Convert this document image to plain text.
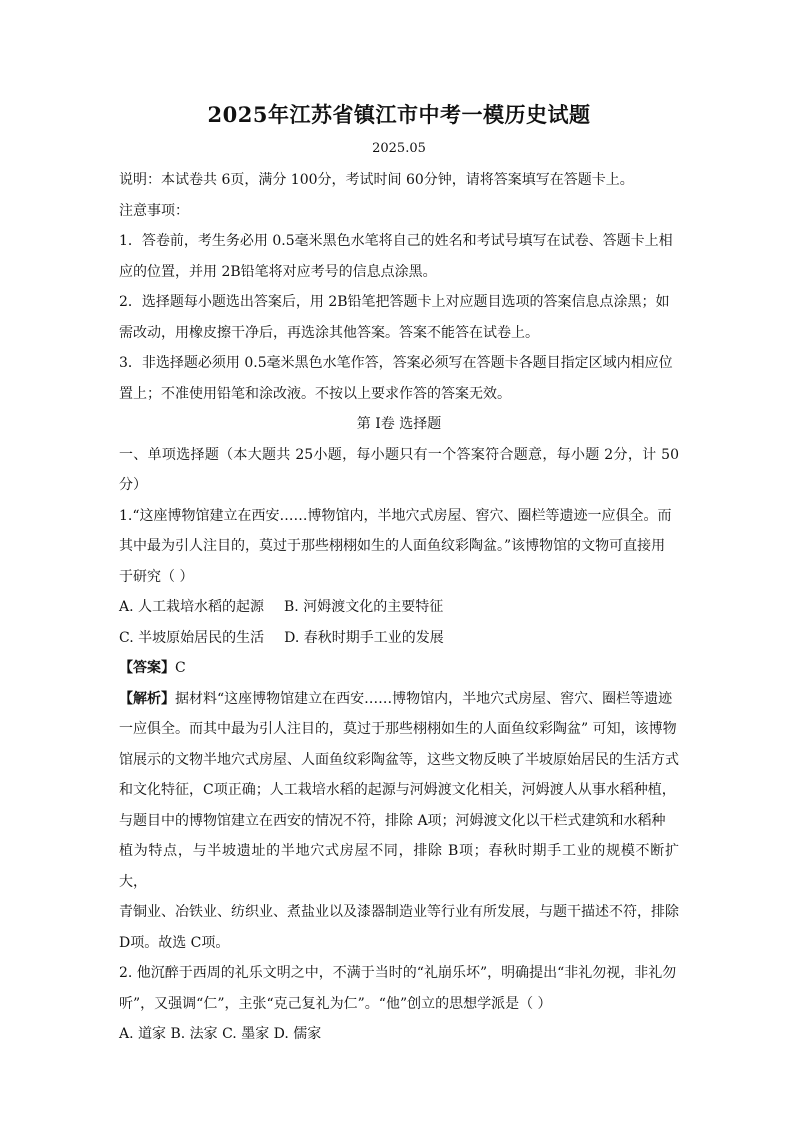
2025年江苏省镇江市中考一模历史试题

2025.05

说明：本试卷共 6页，满分 100分，考试时间 60分钟，请将答案填写在答题卡上。

注意事项：

1．答卷前，考生务必用 0.5毫米黑色水笔将自己的姓名和考试号填写在试卷、答题卡上相

应的位置，并用 2B铅笔将对应考号的信息点涂黑。

2．选择题每小题选出答案后，用 2B铅笔把答题卡上对应题目选项的答案信息点涂黑；如

需改动，用橡皮擦干净后，再选涂其他答案。答案不能答在试卷上。

3．非选择题必须用 0.5毫米黑色水笔作答，答案必须写在答题卡各题目指定区域内相应位

置上；不准使用铅笔和涂改液。不按以上要求作答的答案无效。

第 I卷 选择题

一、单项选择题（本大题共 25小题，每小题只有一个答案符合题意，每小题 2分，计 50分）

1.“这座博物馆建立在西安……博物馆内，半地穴式房屋、窖穴、圈栏等遗迹一应俱全。而

其中最为引人注目的，莫过于那些栩栩如生的人面鱼纹彩陶盆。”该博物馆的文物可直接用

于研究（ ）

A. 人工栽培水稻的起源 B. 河姆渡文化的主要特征
C. 半坡原始居民的生活 D. 春秋时期手工业的发展

【答案】C

【解析】据材料“这座博物馆建立在西安……博物馆内，半地穴式房屋、窖穴、圈栏等遗迹

一应俱全。而其中最为引人注目的，莫过于那些栩栩如生的人面鱼纹彩陶盆” 可知，该博物

馆展示的文物半地穴式房屋、人面鱼纹彩陶盆等，这些文物反映了半坡原始居民的生活方式

和文化特征，C项正确；人工栽培水稻的起源与河姆渡文化相关，河姆渡人从事水稻种植，

与题目中的博物馆建立在西安的情况不符，排除 A项；河姆渡文化以干栏式建筑和水稻种

植为特点，与半坡遗址的半地穴式房屋不同，排除 B项；春秋时期手工业的规模不断扩大，

青铜业、冶铁业、纺织业、煮盐业以及漆器制造业等行业有所发展，与题干描述不符，排除

D项。故选 C项。

2. 他沉醉于西周的礼乐文明之中，不满于当时的“礼崩乐坏”，明确提出“非礼勿视，非礼勿

听”，又强调“仁”，主张“克己复礼为仁”。“他”创立的思想学派是（ ）

A. 道家 B. 法家 C. 墨家 D. 儒家
